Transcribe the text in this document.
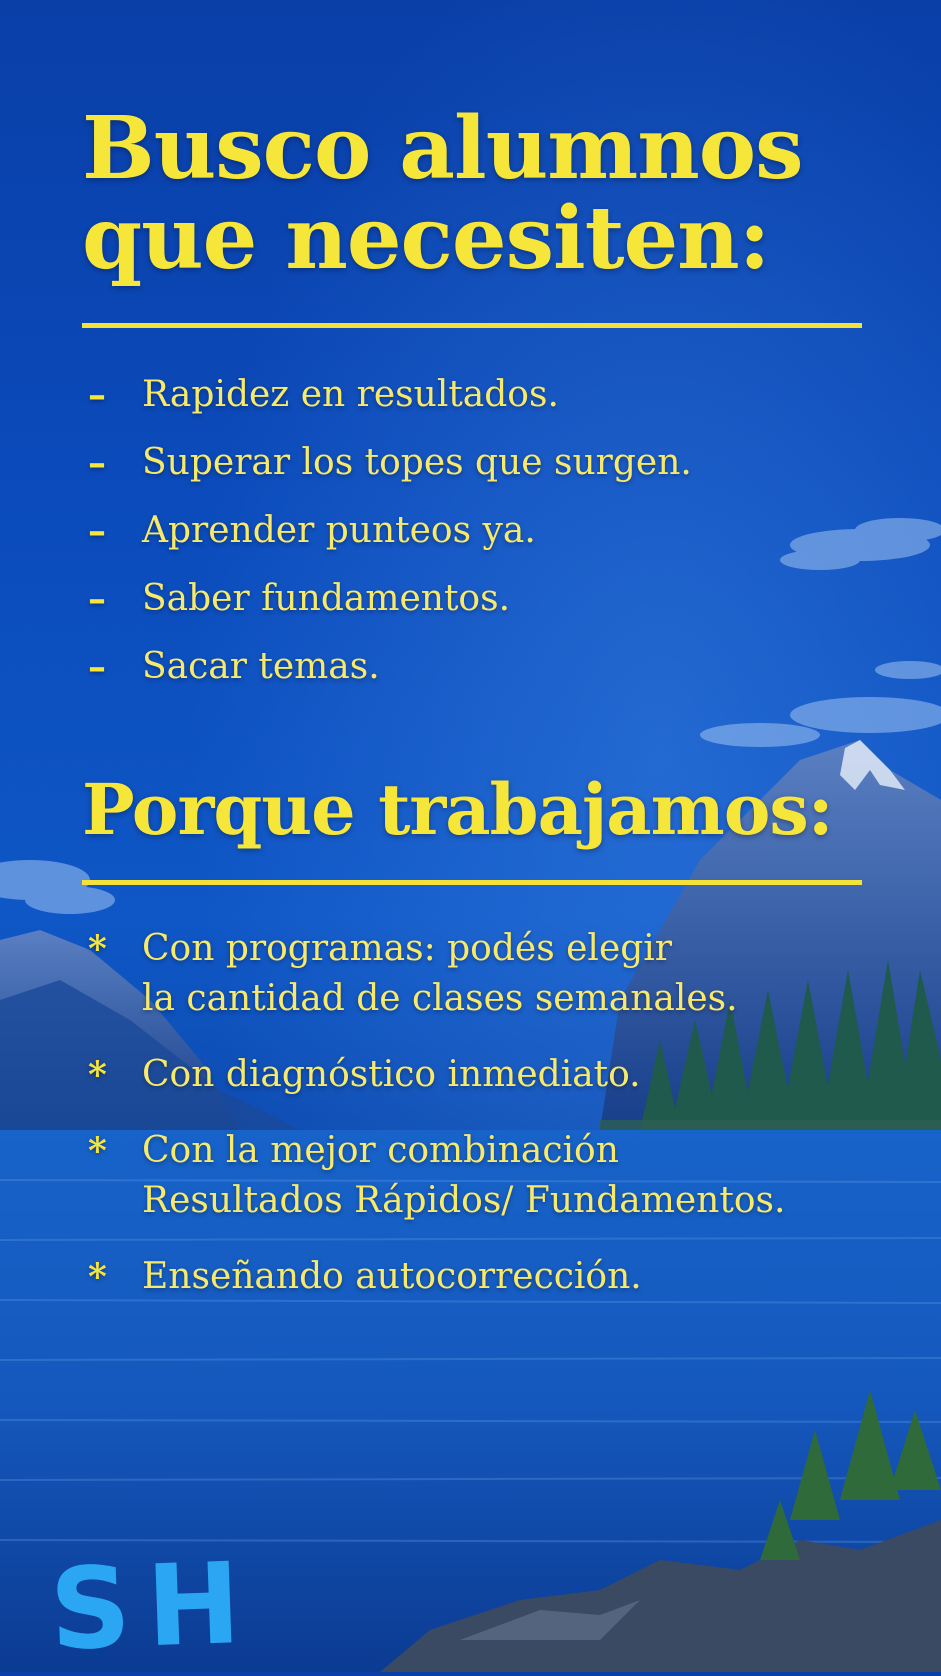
Busco alumnos
que necesiten:
– Rapidez en resultados.
– Superar los topes que surgen.
– Aprender punteos ya.
– Saber fundamentos.
– Sacar temas.
Porque trabajamos:
* Con programas: podés elegir
la cantidad de clases semanales.
* Con diagnóstico inmediato.
* Con la mejor combinación
Resultados Rápidos/ Fundamentos.
* Enseñando autocorrección.
SH
